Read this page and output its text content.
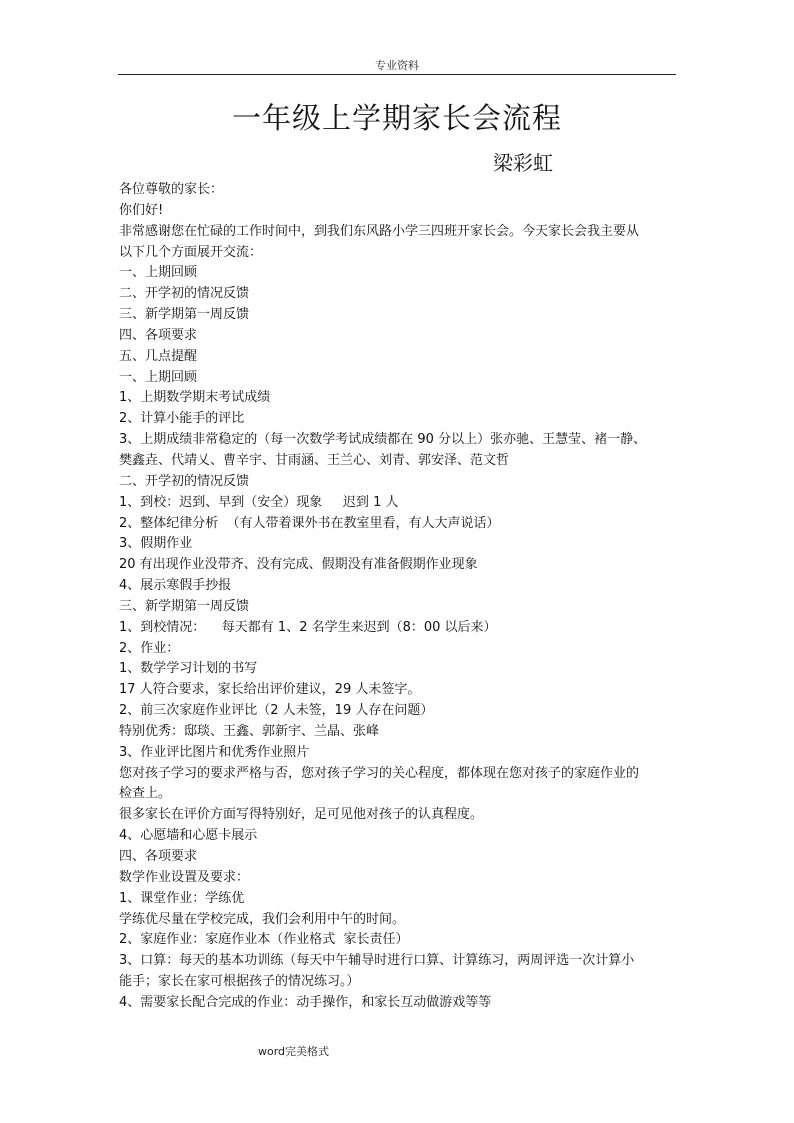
专业资料
一年级上学期家长会流程
梁彩虹
各位尊敬的家长：
你们好!
非常感谢您在忙碌的工作时间中，到我们东风路小学三四班开家长会。今天家长会我主要从
以下几个方面展开交流：
一、上期回顾
二、开学初的情况反馈
三、新学期第一周反馈
四、各项要求
五、几点提醒
一、上期回顾
1、上期数学期末考试成绩
2、计算小能手的评比
3、上期成绩非常稳定的（每一次数学考试成绩都在 90 分以上）张亦驰、王慧莹、褚一静、
樊鑫垚、代靖乂、曹辛宇、甘雨涵、王兰心、刘青、郭安泽、范文哲
二、开学初的情况反馈
1、到校：迟到、早到（安全）现象     迟到 1 人
2、整体纪律分析  （有人带着课外书在教室里看，有人大声说话）
3、假期作业
20 有出现作业没带齐、没有完成、假期没有准备假期作业现象
4、展示寒假手抄报
三、新学期第一周反馈
1、到校情况：    每天都有 1、2 名学生来迟到（8：00 以后来）
2、作业：
1、数学学习计划的书写
17 人符合要求，家长给出评价建议，29 人未签字。
2、前三次家庭作业评比（2 人未签，19 人存在问题）
特别优秀：邸琰、王鑫、郭新宇、兰晶、张峰
3、作业评比图片和优秀作业照片
您对孩子学习的要求严格与否，您对孩子学习的关心程度，都体现在您对孩子的家庭作业的
检查上。
很多家长在评价方面写得特别好，足可见他对孩子的认真程度。
4、心愿墙和心愿卡展示
四、各项要求
数学作业设置及要求：
1、课堂作业：学练优
学练优尽量在学校完成，我们会利用中午的时间。
2、家庭作业：家庭作业本（作业格式  家长责任）
3、口算：每天的基本功训练（每天中午辅导时进行口算、计算练习，两周评选一次计算小
能手；家长在家可根据孩子的情况练习。）
4、需要家长配合完成的作业：动手操作，和家长互动做游戏等等
word完美格式
